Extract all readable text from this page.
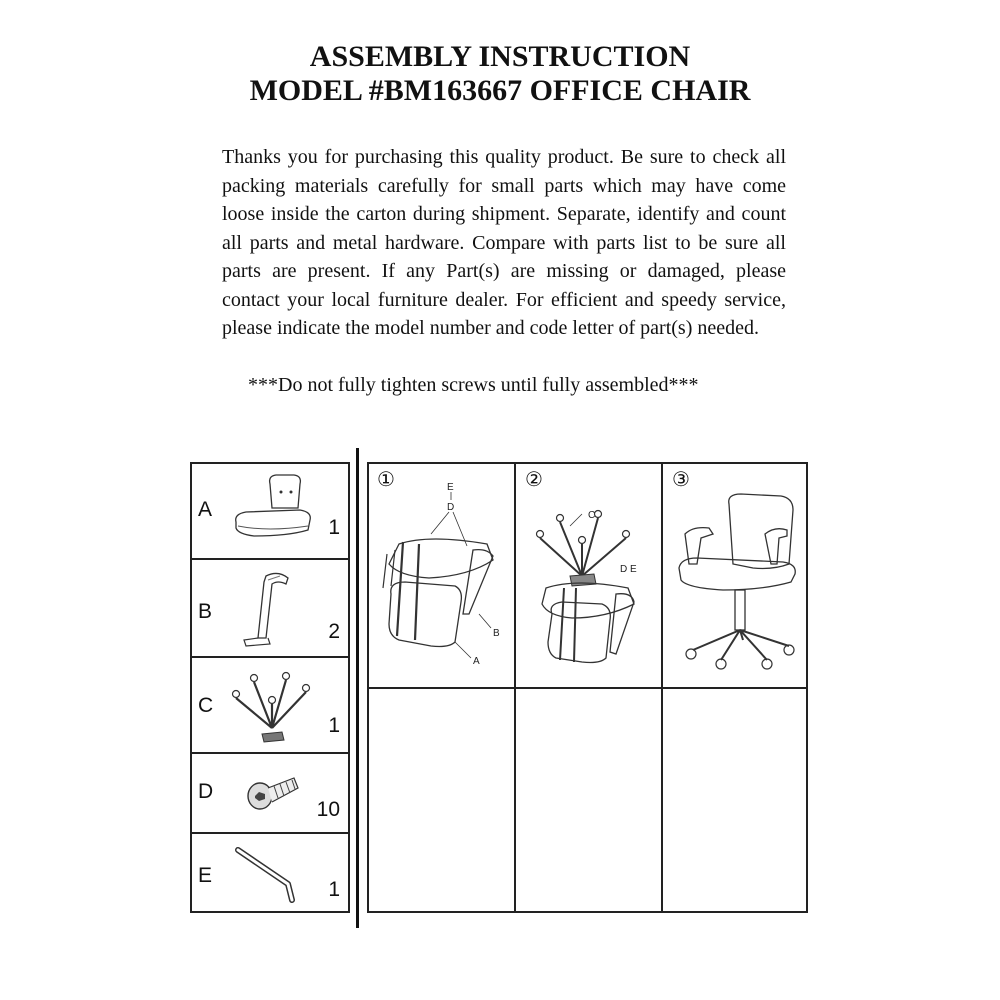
ASSEMBLY INSTRUCTION
MODEL #BM163667 OFFICE CHAIR
Thanks you for purchasing this quality product. Be sure to check all packing materials carefully for small parts which may have come loose inside the carton during shipment. Separate, identify and count all parts and metal hardware. Compare with parts list to be sure all parts are present. If any Part(s) are missing or damaged, please contact your local furniture dealer. For efficient and speedy service, please indicate the model number and code letter of part(s) needed.
***Do not fully tighten screws until fully assembled***
A
1
B
2
C
1
D
10
E
1
①	E
D
B
A
②
C
D E
③
